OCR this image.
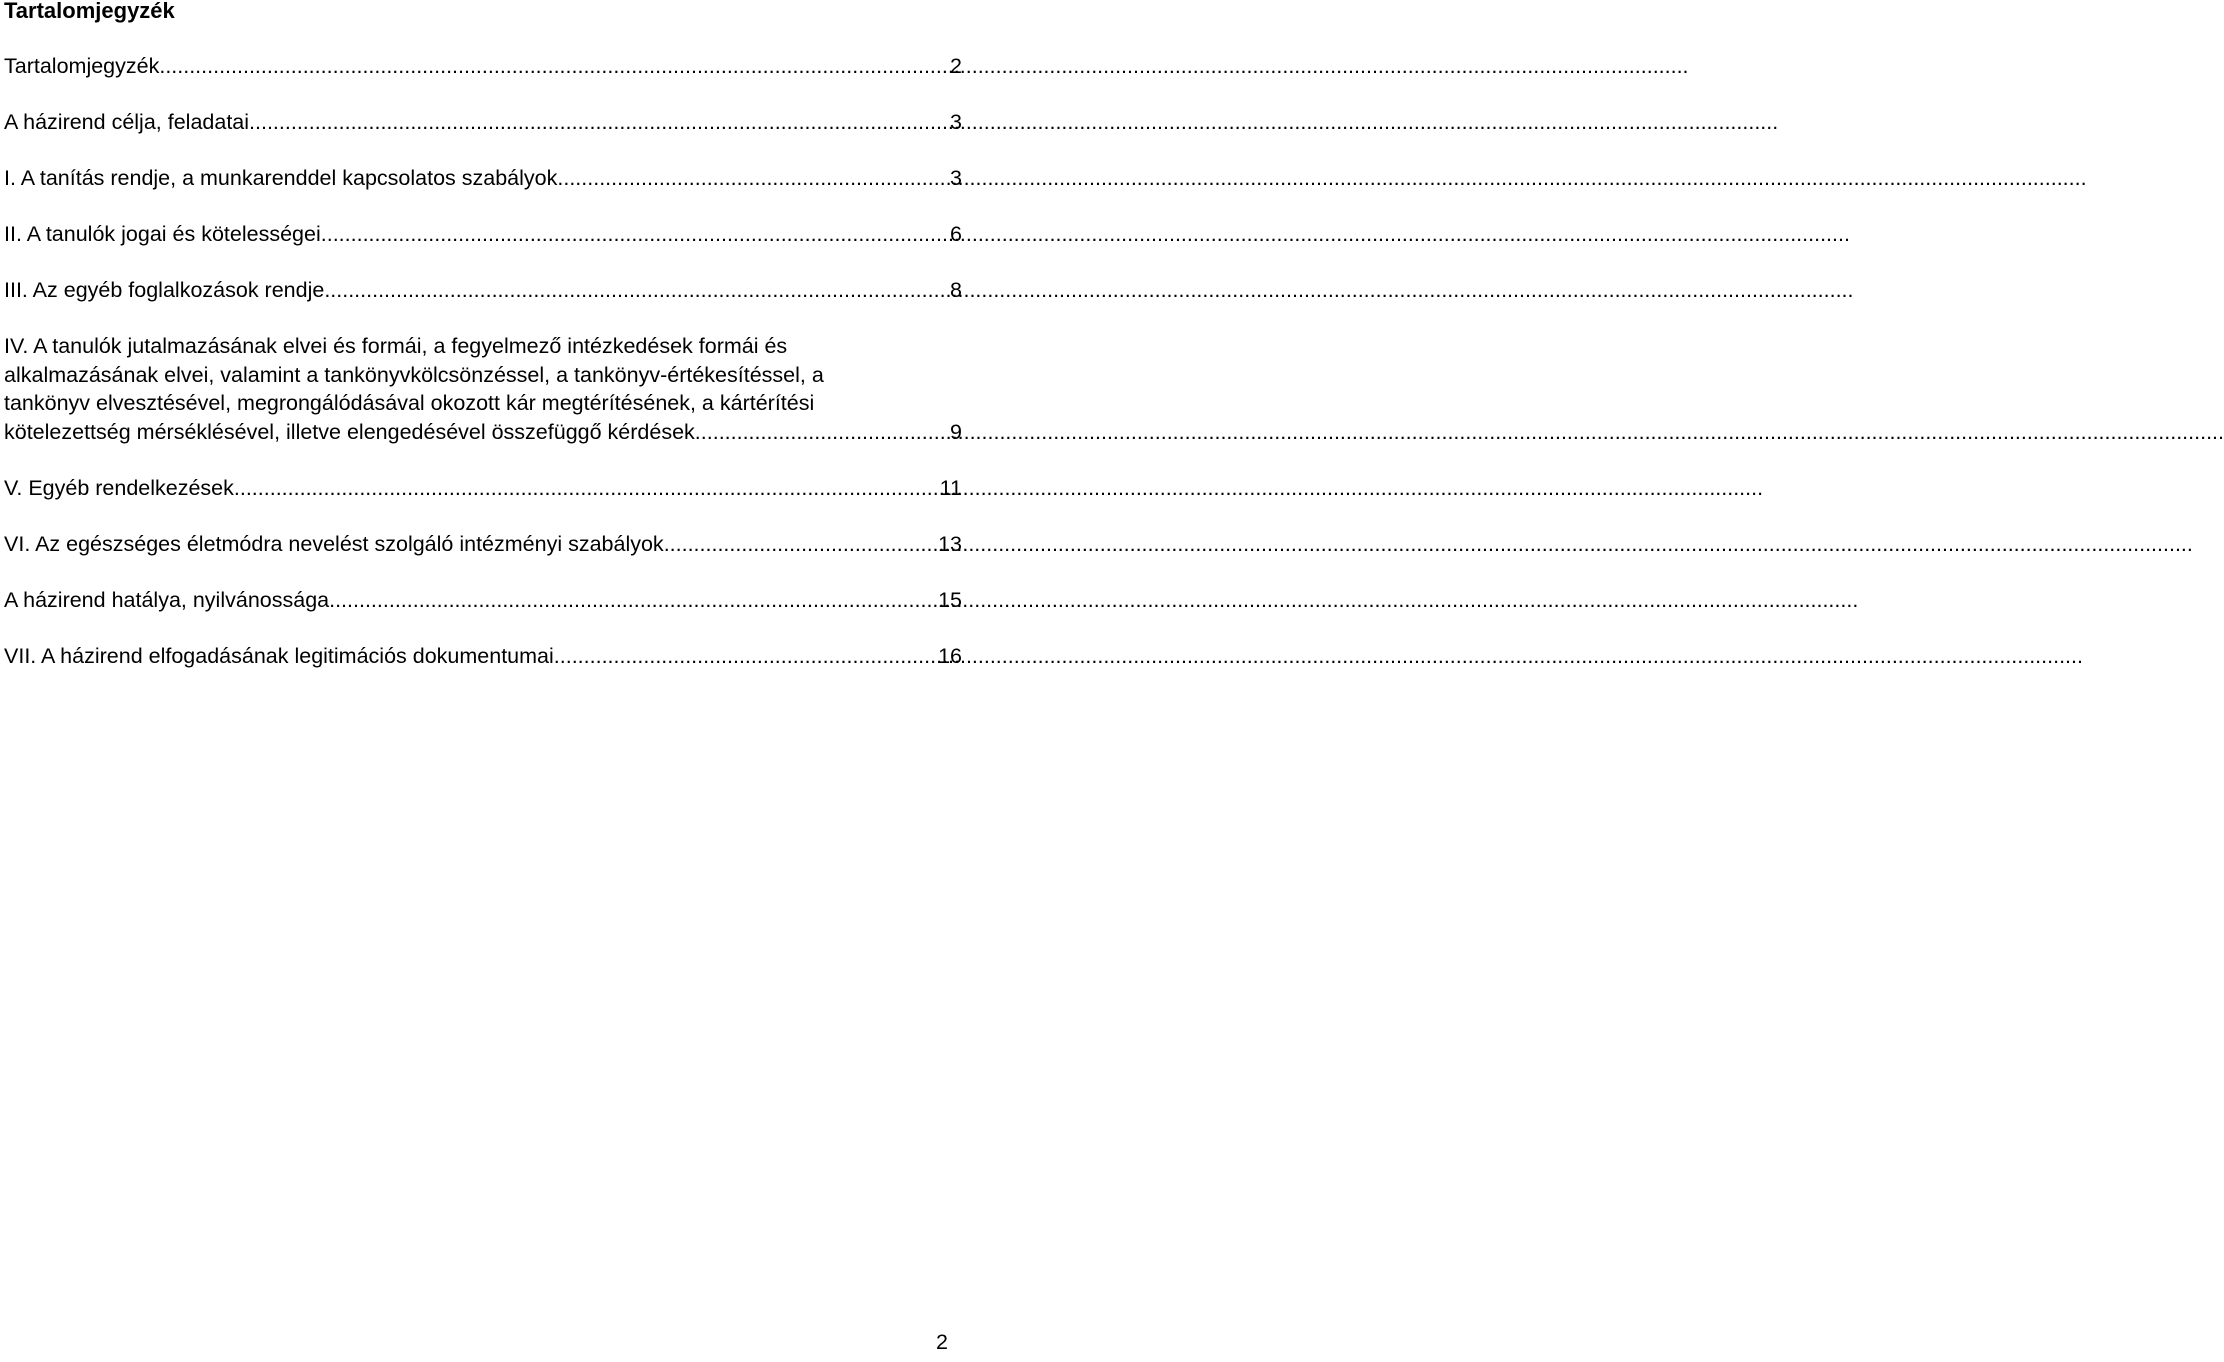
Tartalomjegyzék
Tartalomjegyzék .....	2
A házirend célja, feladatai .....	3
I. A tanítás rendje, a munkarenddel kapcsolatos szabályok .....	3
II. A tanulók jogai és kötelességei .....	6
III. Az egyéb foglalkozások rendje .....	8
IV. A tanulók jutalmazásának elvei és formái, a fegyelmező intézkedések formái és
alkalmazásának elvei, valamint a tankönyvkölcsönzéssel, a tankönyv-értékesítéssel, a
tankönyv elvesztésével, megrongálódásával okozott kár megtérítésének, a kártérítési
kötelezettség mérséklésével, illetve elengedésével összefüggő kérdések .....	9
V. Egyéb rendelkezések .....	11
VI. Az egészséges életmódra nevelést szolgáló intézményi szabályok .....	13
A házirend hatálya, nyilvánossága .....	15
VII. A házirend elfogadásának legitimációs dokumentumai .....	16
2
